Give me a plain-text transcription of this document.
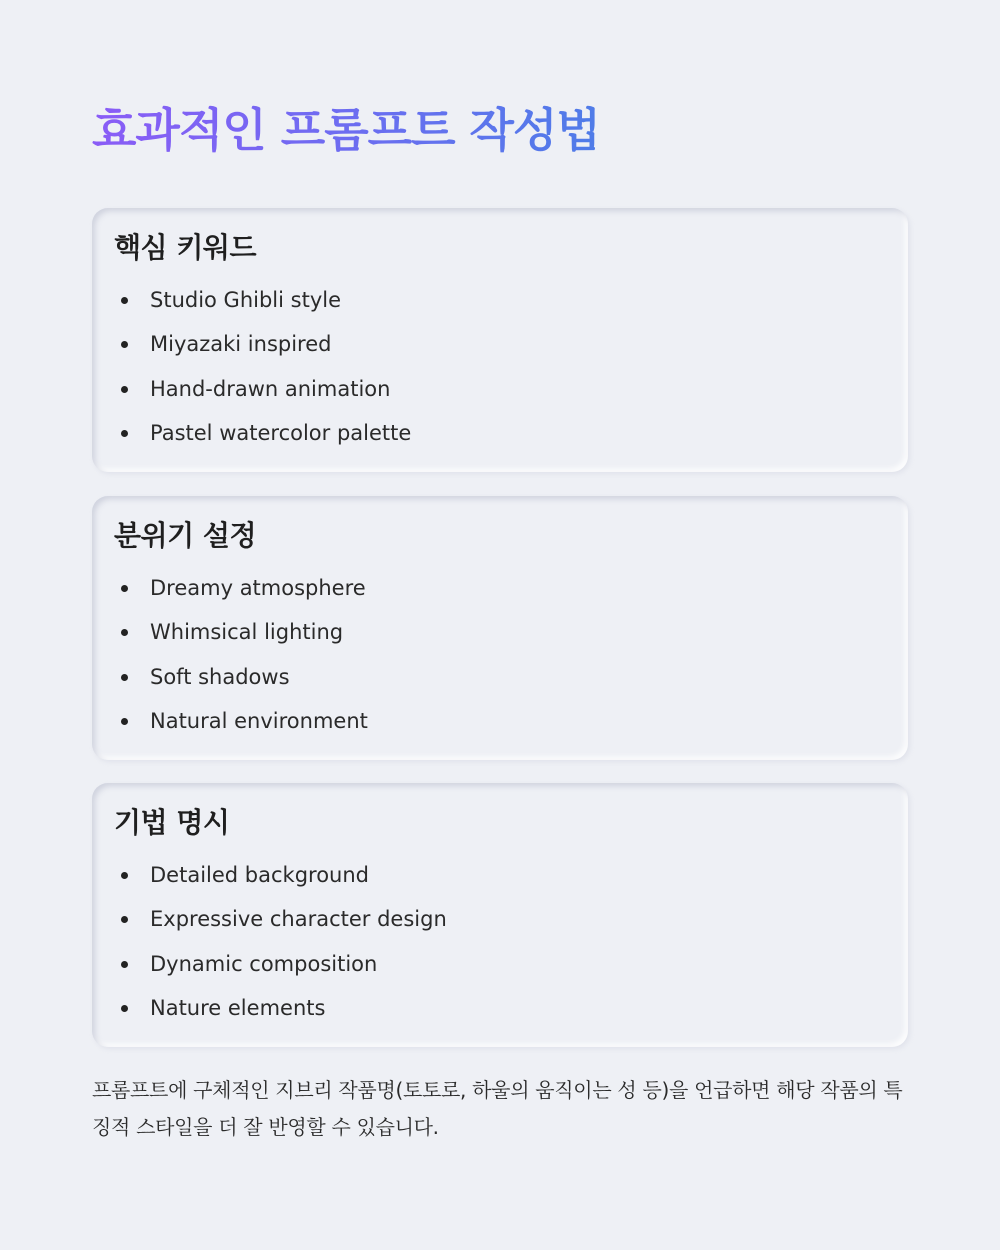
효과적인 프롬프트 작성법
핵심 키워드
Studio Ghibli style
Miyazaki inspired
Hand-drawn animation
Pastel watercolor palette
분위기 설정
Dreamy atmosphere
Whimsical lighting
Soft shadows
Natural environment
기법 명시
Detailed background
Expressive character design
Dynamic composition
Nature elements

프롬프트에 구체적인 지브리 작품명(토토로, 하울의 움직이는 성 등)을 언급하면 해당 작품의 특징적 스타일을 더 잘 반영할 수 있습니다.
